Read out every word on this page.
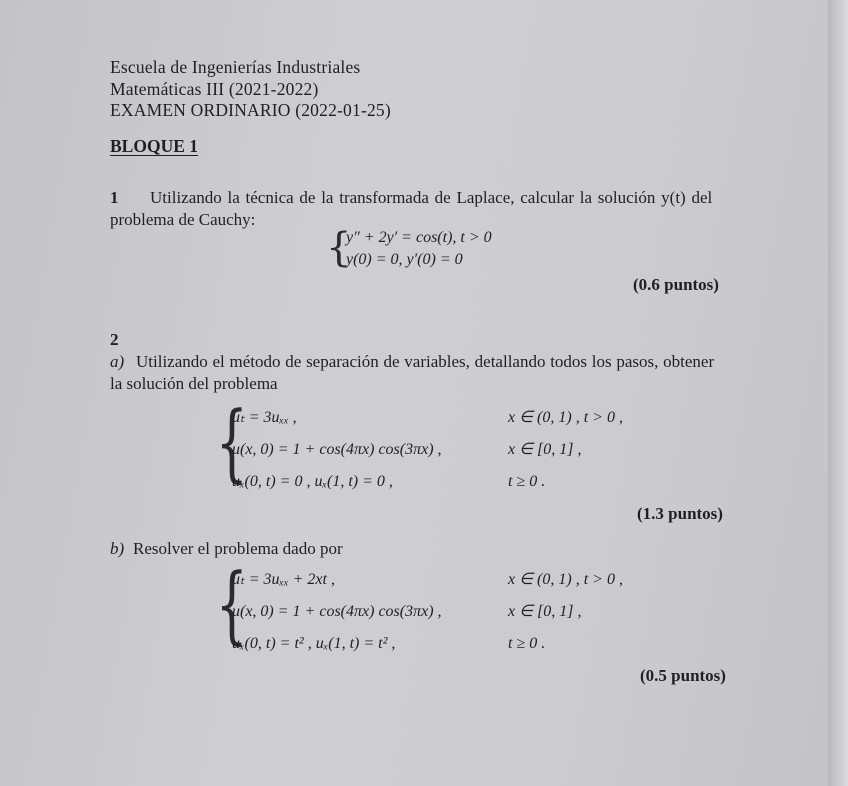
Escuela de Ingenierías Industriales
Matemáticas III (2021-2022)
EXAMEN ORDINARIO (2022-01-25)
BLOQUE 1
1 Utilizando la técnica de la transformada de Laplace, calcular la solución y(t) del
problema de Cauchy:
{
y″ + 2y′ = cos(t), t > 0
y(0) = 0, y′(0) = 0
(0.6 puntos)
2
a) Utilizando el método de separación de variables, detallando todos los pasos, obtener
la solución del problema
{
uₜ = 3uₓₓ ,	x ∈ (0, 1) , t > 0 ,
u(x, 0) = 1 + cos(4πx) cos(3πx) ,	x ∈ [0, 1] ,
uₓ(0, t) = 0 , uₓ(1, t) = 0 ,	t ≥ 0 .
(1.3 puntos)
b) Resolver el problema dado por
{
uₜ = 3uₓₓ + 2xt ,	x ∈ (0, 1) , t > 0 ,
u(x, 0) = 1 + cos(4πx) cos(3πx) ,	x ∈ [0, 1] ,
uₓ(0, t) = t² , uₓ(1, t) = t² ,	t ≥ 0 .
(0.5 puntos)
